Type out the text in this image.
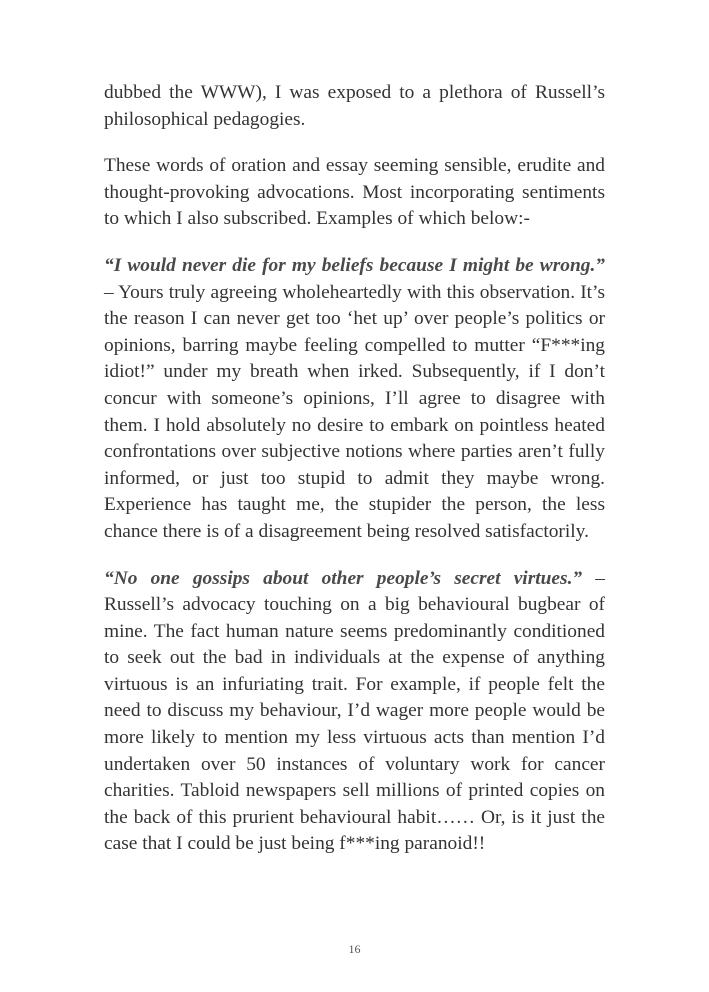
dubbed the WWW), I was exposed to a plethora of Russell’s philosophical pedagogies.

These words of oration and essay seeming sensible, erudite and thought-provoking advocations. Most incorporating sentiments to which I also subscribed. Examples of which below:-

“I would never die for my beliefs because I might be wrong.” – Yours truly agreeing wholeheartedly with this observation. It’s the reason I can never get too ‘het up’ over people’s politics or opinions, barring maybe feeling compelled to mutter “F***ing idiot!” under my breath when irked. Subsequently, if I don’t concur with someone’s opinions, I’ll agree to disagree with them. I hold absolutely no desire to embark on pointless heated confrontations over subjective notions where parties aren’t fully informed, or just too stupid to admit they maybe wrong. Experience has taught me, the stupider the person, the less chance there is of a disagreement being resolved satisfactorily.

“No one gossips about other people’s secret virtues.” – Russell’s advocacy touching on a big behavioural bugbear of mine. The fact human nature seems predominantly conditioned to seek out the bad in individuals at the expense of anything virtuous is an infuriating trait. For example, if people felt the need to discuss my behaviour, I’d wager more people would be more likely to mention my less virtuous acts than mention I’d undertaken over 50 instances of voluntary work for cancer charities. Tabloid newspapers sell millions of printed copies on the back of this prurient behavioural habit…… Or, is it just the case that I could be just being f***ing paranoid!!

16
